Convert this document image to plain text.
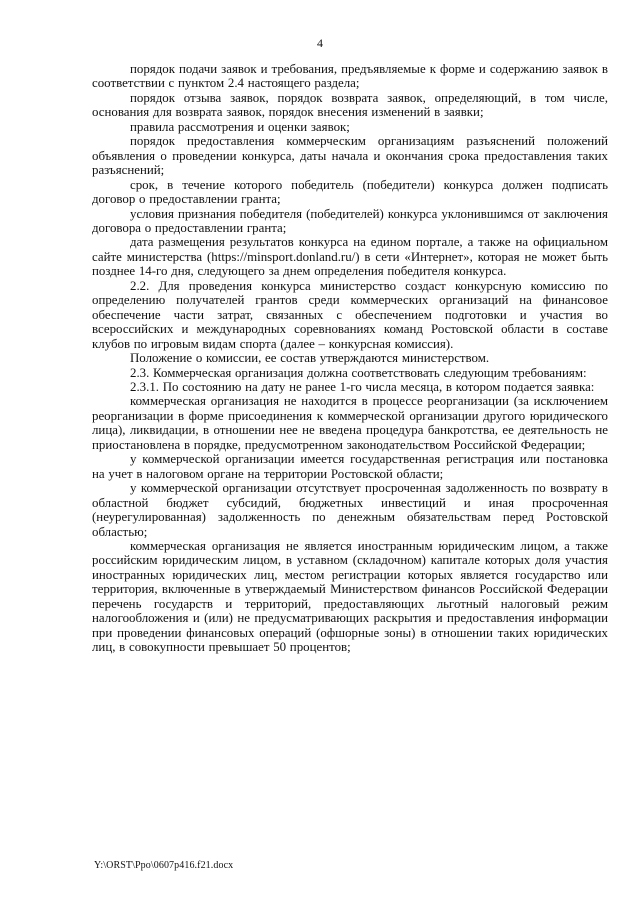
4

порядок подачи заявок и требования, предъявляемые к форме и содержанию заявок в соответствии с пунктом 2.4 настоящего раздела;

порядок отзыва заявок, порядок возврата заявок, определяющий, в том числе, основания для возврата заявок, порядок внесения изменений в заявки;

правила рассмотрения и оценки заявок;

порядок предоставления коммерческим организациям разъяснений положений объявления о проведении конкурса, даты начала и окончания срока предоставления таких разъяснений;

срок, в течение которого победитель (победители) конкурса должен подписать договор о предоставлении гранта;

условия признания победителя (победителей) конкурса уклонившимся от заключения договора о предоставлении гранта;

дата размещения результатов конкурса на едином портале, а также на официальном сайте министерства (https://minsport.donland.ru/) в сети «Интернет», которая не может быть позднее 14-го дня, следующего за днем определения победителя конкурса.

2.2. Для проведения конкурса министерство создаст конкурсную комиссию по определению получателей грантов среди коммерческих организаций на финансовое обеспечение части затрат, связанных с обеспечением подготовки и участия во всероссийских и международных соревнованиях команд Ростовской области в составе клубов по игровым видам спорта (далее – конкурсная комиссия).

Положение о комиссии, ее состав утверждаются министерством.

2.3. Коммерческая организация должна соответствовать следующим требованиям:

2.3.1. По состоянию на дату не ранее 1-го числа месяца, в котором подается заявка:

коммерческая организация не находится в процессе реорганизации (за исключением реорганизации в форме присоединения к коммерческой организации другого юридического лица), ликвидации, в отношении нее не введена процедура банкротства, ее деятельность не приостановлена в порядке, предусмотренном законодательством Российской Федерации;

у коммерческой организации имеется государственная регистрация или постановка на учет в налоговом органе на территории Ростовской области;

у коммерческой организации отсутствует просроченная задолженность по возврату в областной бюджет субсидий, бюджетных инвестиций и иная просроченная (неурегулированная) задолженность по денежным обязательствам перед Ростовской областью;

коммерческая организация не является иностранным юридическим лицом, а также российским юридическим лицом, в уставном (складочном) капитале которых доля участия иностранных юридических лиц, местом регистрации которых является государство или территория, включенные в утверждаемый Министерством финансов Российской Федерации перечень государств и территорий, предоставляющих льготный налоговый режим налогообложения и (или) не предусматривающих раскрытия и предоставления информации при проведении финансовых операций (офшорные зоны) в отношении таких юридических лиц, в совокупности превышает 50 процентов;

Y:\ORST\Ppo\0607p416.f21.docx
